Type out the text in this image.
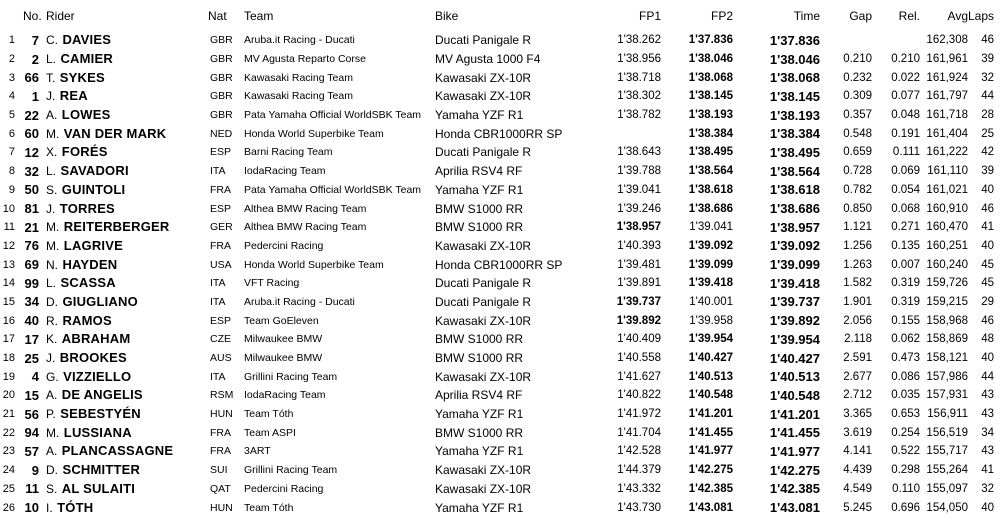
	No.	Rider	Nat	Team	Bike	FP1	FP2	Time	Gap	Rel.	Avg	Laps
1	7	C. DAVIES	GBR	Aruba.it Racing - Ducati	Ducati Panigale R	1'38.262	1'37.836	1'37.836			162,308	46
2	2	L. CAMIER	GBR	MV Agusta Reparto Corse	MV Agusta 1000 F4	1'38.956	1'38.046	1'38.046	0.210	0.210	161,961	39
3	66	T. SYKES	GBR	Kawasaki Racing Team	Kawasaki ZX-10R	1'38.718	1'38.068	1'38.068	0.232	0.022	161,924	32
4	1	J. REA	GBR	Kawasaki Racing Team	Kawasaki ZX-10R	1'38.302	1'38.145	1'38.145	0.309	0.077	161,797	44
5	22	A. LOWES	GBR	Pata Yamaha Official WorldSBK Team	Yamaha YZF R1	1'38.782	1'38.193	1'38.193	0.357	0.048	161,718	28
6	60	M. VAN DER MARK	NED	Honda World Superbike Team	Honda CBR1000RR SP		1'38.384	1'38.384	0.548	0.191	161,404	25
7	12	X. FORÉS	ESP	Barni Racing Team	Ducati Panigale R	1'38.643	1'38.495	1'38.495	0.659	0.111	161,222	42
8	32	L. SAVADORI	ITA	IodaRacing Team	Aprilia RSV4 RF	1'39.788	1'38.564	1'38.564	0.728	0.069	161,110	39
9	50	S. GUINTOLI	FRA	Pata Yamaha Official WorldSBK Team	Yamaha YZF R1	1'39.041	1'38.618	1'38.618	0.782	0.054	161,021	40
10	81	J. TORRES	ESP	Althea BMW Racing Team	BMW S1000 RR	1'39.246	1'38.686	1'38.686	0.850	0.068	160,910	46
11	21	M. REITERBERGER	GER	Althea BMW Racing Team	BMW S1000 RR	1'38.957	1'39.041	1'38.957	1.121	0.271	160,470	41
12	76	M. LAGRIVE	FRA	Pedercini Racing	Kawasaki ZX-10R	1'40.393	1'39.092	1'39.092	1.256	0.135	160,251	40
13	69	N. HAYDEN	USA	Honda World Superbike Team	Honda CBR1000RR SP	1'39.481	1'39.099	1'39.099	1.263	0.007	160,240	45
14	99	L. SCASSA	ITA	VFT Racing	Ducati Panigale R	1'39.891	1'39.418	1'39.418	1.582	0.319	159,726	45
15	34	D. GIUGLIANO	ITA	Aruba.it Racing - Ducati	Ducati Panigale R	1'39.737	1'40.001	1'39.737	1.901	0.319	159,215	29
16	40	R. RAMOS	ESP	Team GoEleven	Kawasaki ZX-10R	1'39.892	1'39.958	1'39.892	2.056	0.155	158,968	46
17	17	K. ABRAHAM	CZE	Milwaukee BMW	BMW S1000 RR	1'40.409	1'39.954	1'39.954	2.118	0.062	158,869	48
18	25	J. BROOKES	AUS	Milwaukee BMW	BMW S1000 RR	1'40.558	1'40.427	1'40.427	2.591	0.473	158,121	40
19	4	G. VIZZIELLO	ITA	Grillini Racing Team	Kawasaki ZX-10R	1'41.627	1'40.513	1'40.513	2.677	0.086	157,986	44
20	15	A. DE ANGELIS	RSM	IodaRacing Team	Aprilia RSV4 RF	1'40.822	1'40.548	1'40.548	2.712	0.035	157,931	43
21	56	P. SEBESTYÉN	HUN	Team Tóth	Yamaha YZF R1	1'41.972	1'41.201	1'41.201	3.365	0.653	156,911	43
22	94	M. LUSSIANA	FRA	Team ASPI	BMW S1000 RR	1'41.704	1'41.455	1'41.455	3.619	0.254	156,519	34
23	57	A. PLANCASSAGNE	FRA	3ART	Yamaha YZF R1	1'42.528	1'41.977	1'41.977	4.141	0.522	155,717	43
24	9	D. SCHMITTER	SUI	Grillini Racing Team	Kawasaki ZX-10R	1'44.379	1'42.275	1'42.275	4.439	0.298	155,264	41
25	11	S. AL SULAITI	QAT	Pedercini Racing	Kawasaki ZX-10R	1'43.332	1'42.385	1'42.385	4.549	0.110	155,097	32
26	10	I. TÓTH	HUN	Team Tóth	Yamaha YZF R1	1'43.730	1'43.081	1'43.081	5.245	0.696	154,050	40
